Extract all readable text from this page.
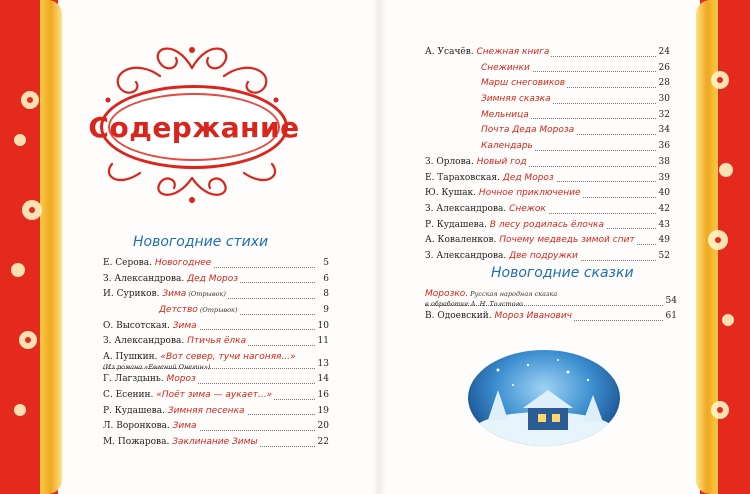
Содержание
Новогодние стихи
Е. Серова. Новогоднее	5
З. Александрова. Дед Мороз	6
И. Суриков. Зима (Отрывок)	8
Детство (Отрывок)	9
О. Высотская. Зима	10
З. Александрова. Птичья ёлка	11
А. Пушкин. «Вот север, тучи нагоняя...»
(Из романа «Евгений Онегин»)	13
Г. Лагздынь. Мороз	14
С. Есенин. «Поёт зима — аукает...»	16
Р. Кудашева. Зимняя песенка	19
Л. Воронкова. Зима	20
М. Пожарова. Заклинание Зимы	22
А. Усачёв. Снежная книга	24
Снежинки	26
Марш снеговиков	28
Зимняя сказка	30
Мельница	32
Почта Деда Мороза	34
Календарь	36
З. Орлова. Новый год	38
Е. Тараховская. Дед Мороз	39
Ю. Кушак. Ночное приключение	40
З. Александрова. Снежок	42
Р. Кудашева. В лесу родилась ёлочка	43
А. Коваленков. Почему медведь зимой спит	49
З. Александрова. Две подружки	52
Новогодние сказки
Морозко. Русская народная сказка
в обработке А. Н. Толстого	54
В. Одоевский. Мороз Иванович	61
